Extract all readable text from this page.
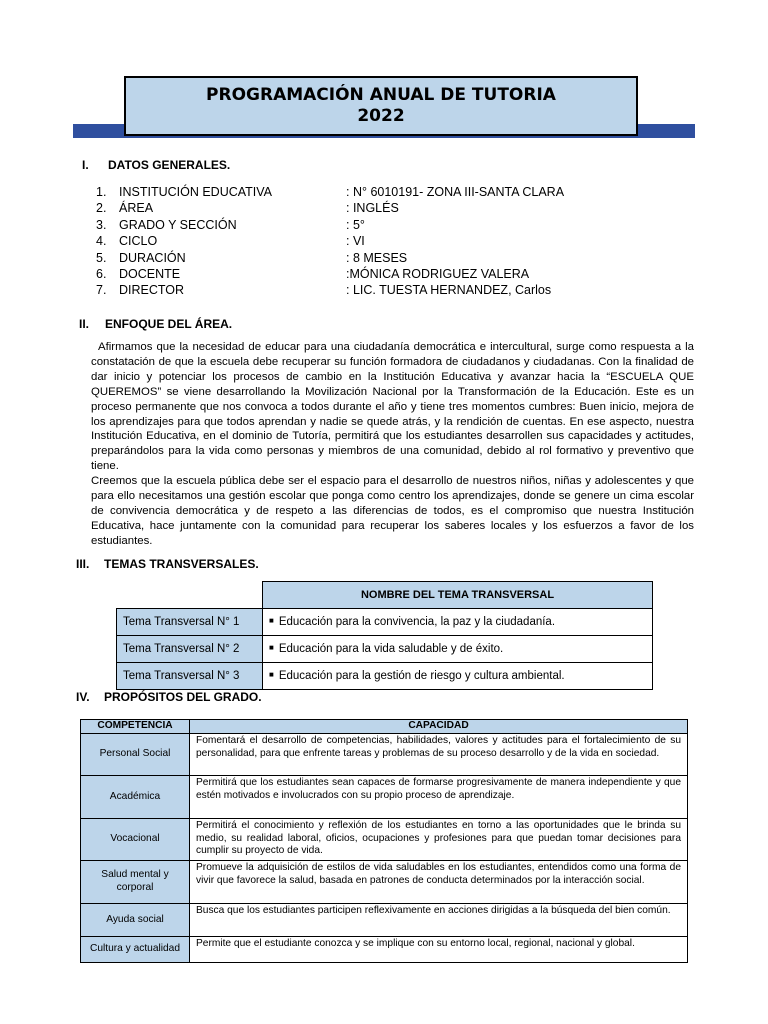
PROGRAMACIÓN ANUAL DE TUTORIA
2022
I. DATOS GENERALES.
1. INSTITUCIÓN EDUCATIVA	: N° 6010191- ZONA III-SANTA CLARA
2. ÁREA	: INGLÉS
3. GRADO Y SECCIÓN	: 5°
4. CICLO	: VI
5. DURACIÓN	: 8 MESES
6. DOCENTE	:MÓNICA RODRIGUEZ VALERA
7. DIRECTOR	: LIC. TUESTA HERNANDEZ, Carlos
II. ENFOQUE DEL ÁREA.

Afirmamos que la necesidad de educar para una ciudadanía democrática e intercultural, surge como respuesta a la constatación de que la escuela debe recuperar su función formadora de ciudadanos y ciudadanas. Con la finalidad de dar inicio y potenciar los procesos de cambio en la Institución Educativa y avanzar hacia la “ESCUELA QUE QUEREMOS” se viene desarrollando la Movilización Nacional por la Transformación de la Educación. Este es un proceso permanente que nos convoca a todos durante el año y tiene tres momentos cumbres: Buen inicio, mejora de los aprendizajes para que todos aprendan y nadie se quede atrás, y la rendición de cuentas. En ese aspecto, nuestra Institución Educativa, en el dominio de Tutoría, permitirá que los estudiantes desarrollen sus capacidades y actitudes, preparándolos para la vida como personas y miembros de una comunidad, debido al rol formativo y preventivo que tiene.

Creemos que la escuela pública debe ser el espacio para el desarrollo de nuestros niños, niñas y adolescentes y que para ello necesitamos una gestión escolar que ponga como centro los aprendizajes, donde se genere un cima escolar de convivencia democrática y de respeto a las diferencias de todos, es el compromiso que nuestra Institución Educativa, hace juntamente con la comunidad para recuperar los saberes locales y los esfuerzos a favor de los estudiantes.

III. TEMAS TRANSVERSALES.
	NOMBRE DEL TEMA TRANSVERSAL
Tema Transversal N° 1	■ Educación para la convivencia, la paz y la ciudadanía.
Tema Transversal N° 2	■ Educación para la vida saludable y de éxito.
Tema Transversal N° 3	■ Educación para la gestión de riesgo y cultura ambiental.
IV. PROPÓSITOS DEL GRADO.
COMPETENCIA	CAPACIDAD
Personal Social	Fomentará el desarrollo de competencias, habilidades, valores y actitudes para el fortalecimiento de su personalidad, para que enfrente tareas y problemas de su proceso desarrollo y de la vida en sociedad.
Académica	Permitirá que los estudiantes sean capaces de formarse progresivamente de manera independiente y que estén motivados e involucrados con su propio proceso de aprendizaje.
Vocacional	Permitirá el conocimiento y reflexión de los estudiantes en torno a las oportunidades que le brinda su medio, su realidad laboral, oficios, ocupaciones y profesiones para que puedan tomar decisiones para cumplir su proyecto de vida.
Salud mental y corporal	Promueve la adquisición de estilos de vida saludables en los estudiantes, entendidos como una forma de vivir que favorece la salud, basada en patrones de conducta determinados por la interacción social.
Ayuda social	Busca que los estudiantes participen reflexivamente en acciones dirigidas a la búsqueda del bien común.
Cultura y actualidad	Permite que el estudiante conozca y se implique con su entorno local, regional, nacional y global.
